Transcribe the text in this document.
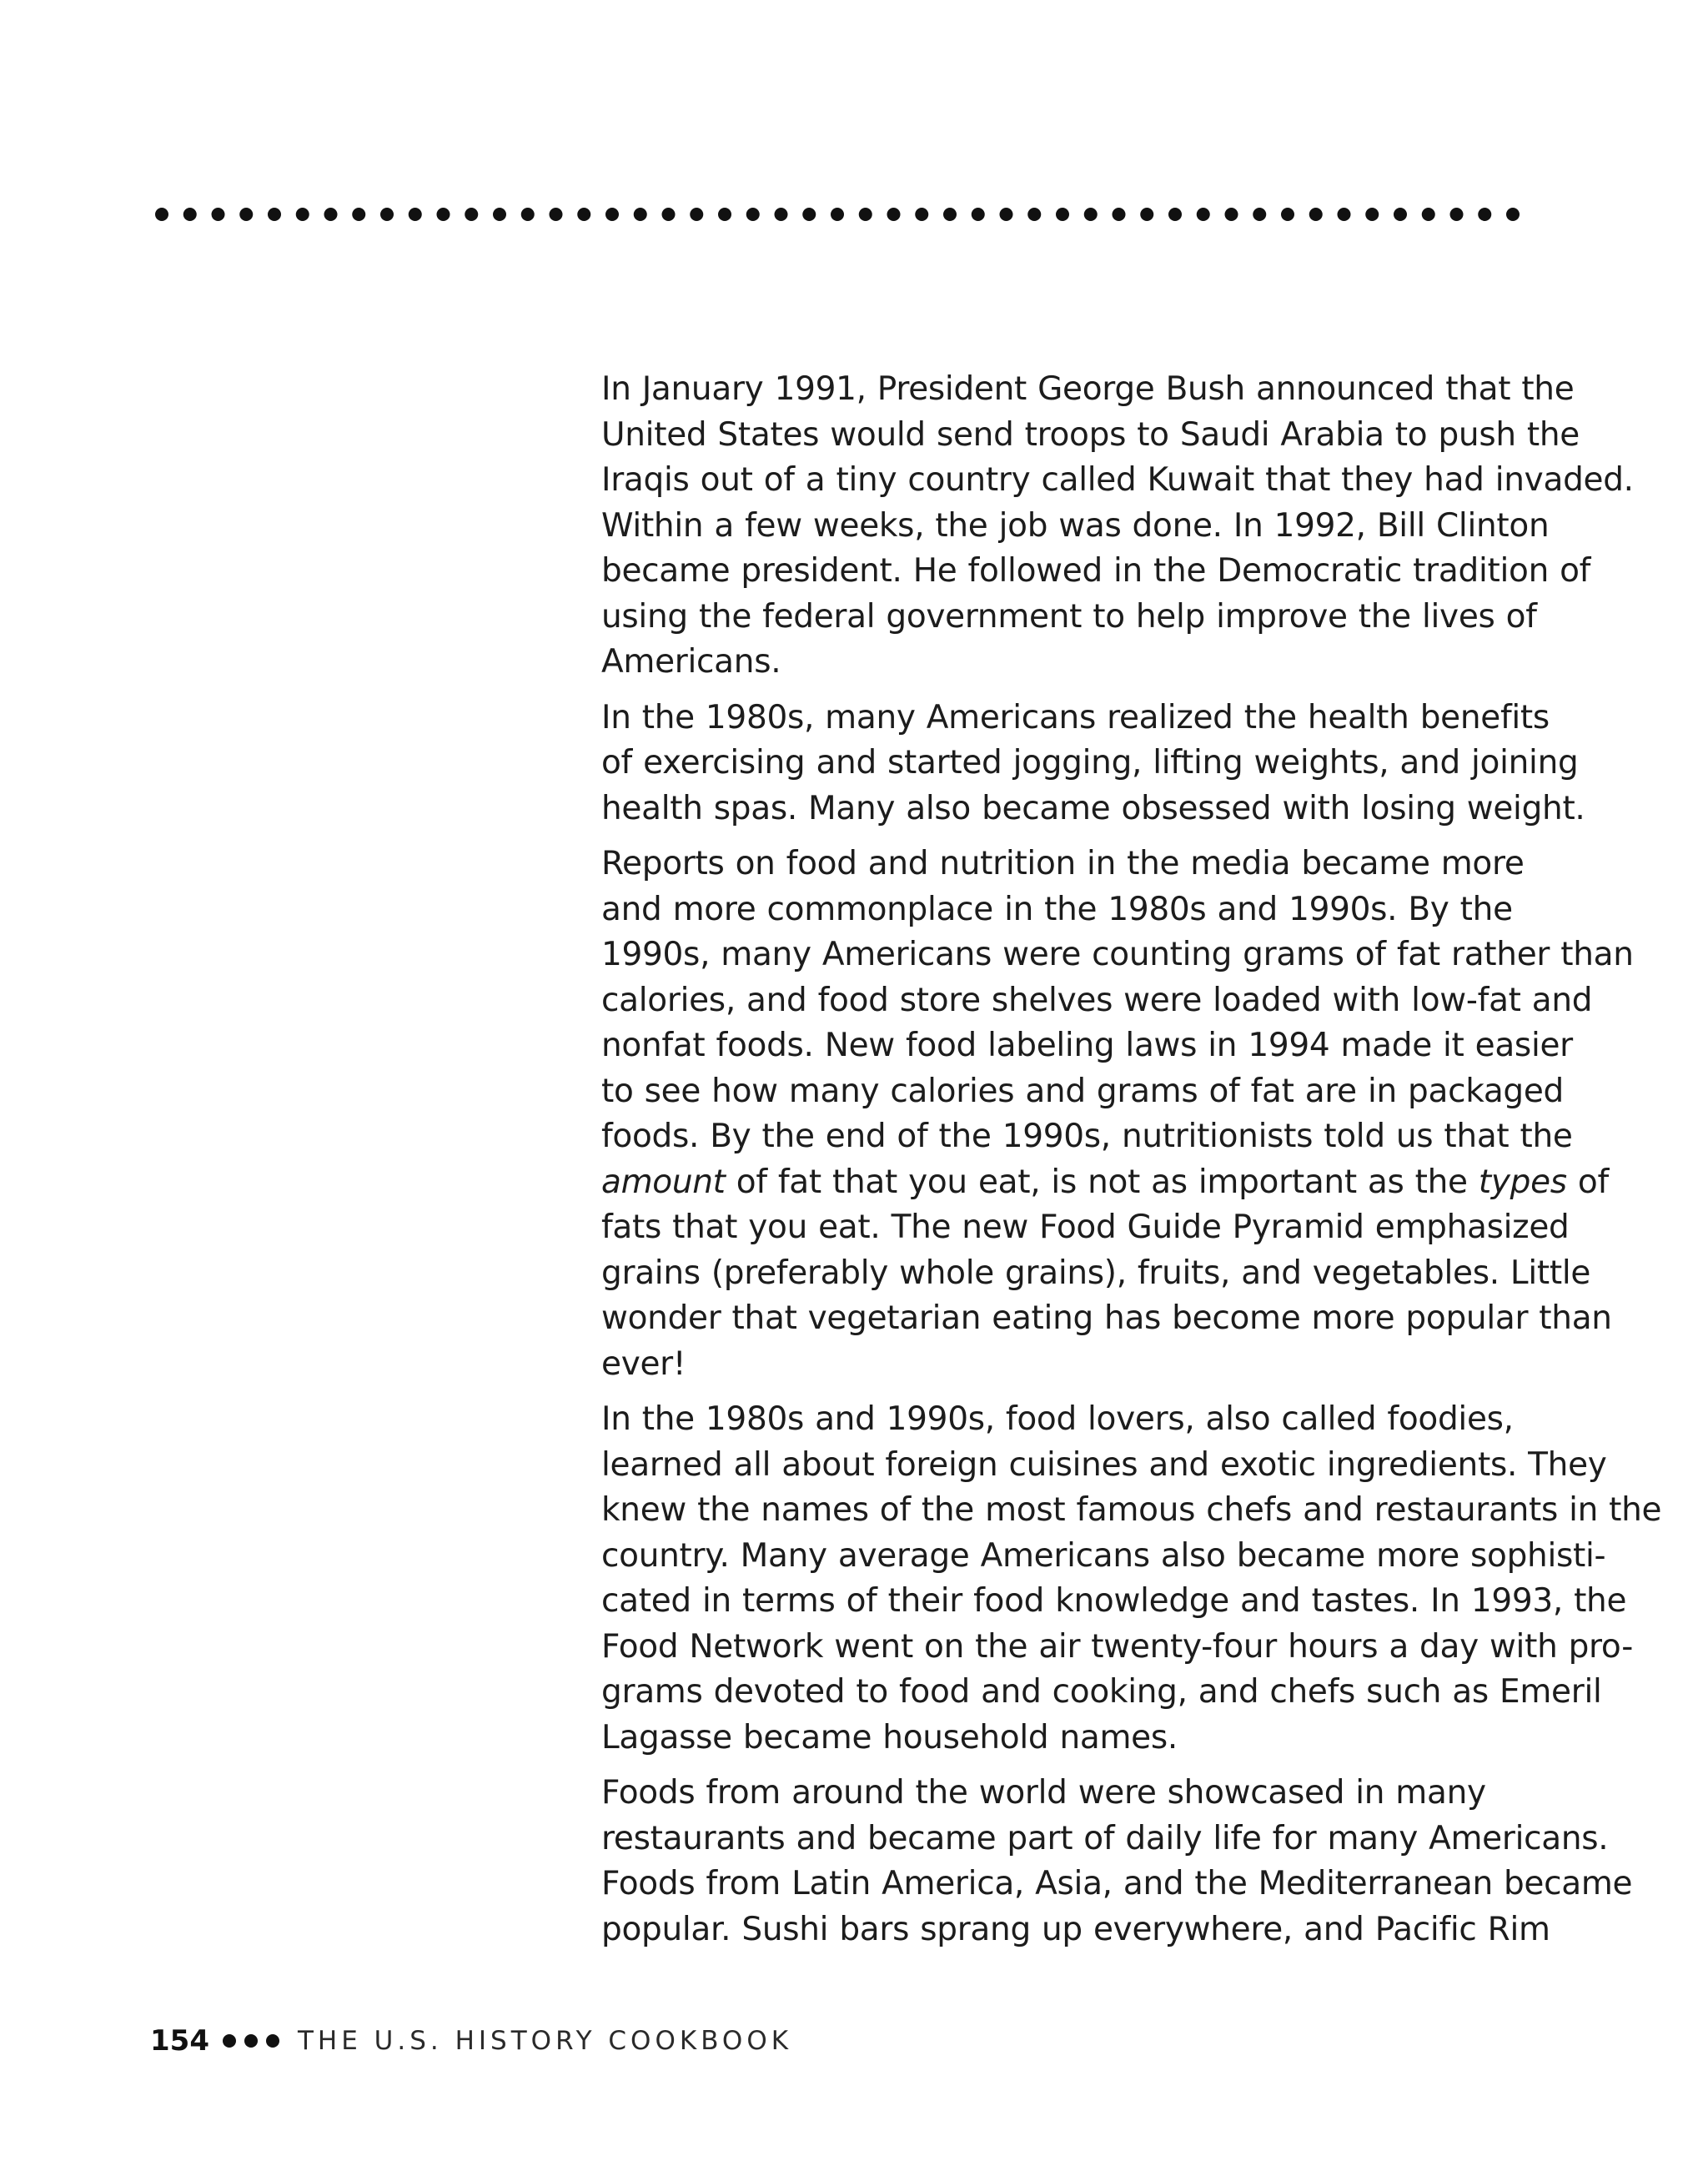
In January 1991, President George Bush announced that the
United States would send troops to Saudi Arabia to push the
Iraqis out of a tiny country called Kuwait that they had invaded.
Within a few weeks, the job was done. In 1992, Bill Clinton
became president. He followed in the Democratic tradition of
using the federal government to help improve the lives of
Americans.

In the 1980s, many Americans realized the health benefits
of exercising and started jogging, lifting weights, and joining
health spas. Many also became obsessed with losing weight.

Reports on food and nutrition in the media became more
and more commonplace in the 1980s and 1990s. By the
1990s, many Americans were counting grams of fat rather than
calories, and food store shelves were loaded with low-fat and
nonfat foods. New food labeling laws in 1994 made it easier
to see how many calories and grams of fat are in packaged
foods. By the end of the 1990s, nutritionists told us that the
amount of fat that you eat, is not as important as the types of
fats that you eat. The new Food Guide Pyramid emphasized
grains (preferably whole grains), fruits, and vegetables. Little
wonder that vegetarian eating has become more popular than
ever!

In the 1980s and 1990s, food lovers, also called foodies,
learned all about foreign cuisines and exotic ingredients. They
knew the names of the most famous chefs and restaurants in the
country. Many average Americans also became more sophisti-
cated in terms of their food knowledge and tastes. In 1993, the
Food Network went on the air twenty-four hours a day with pro-
grams devoted to food and cooking, and chefs such as Emeril
Lagasse became household names.

Foods from around the world were showcased in many
restaurants and became part of daily life for many Americans.
Foods from Latin America, Asia, and the Mediterranean became
popular. Sushi bars sprang up everywhere, and Pacific Rim

154	THE U.S. HISTORY COOKBOOK
